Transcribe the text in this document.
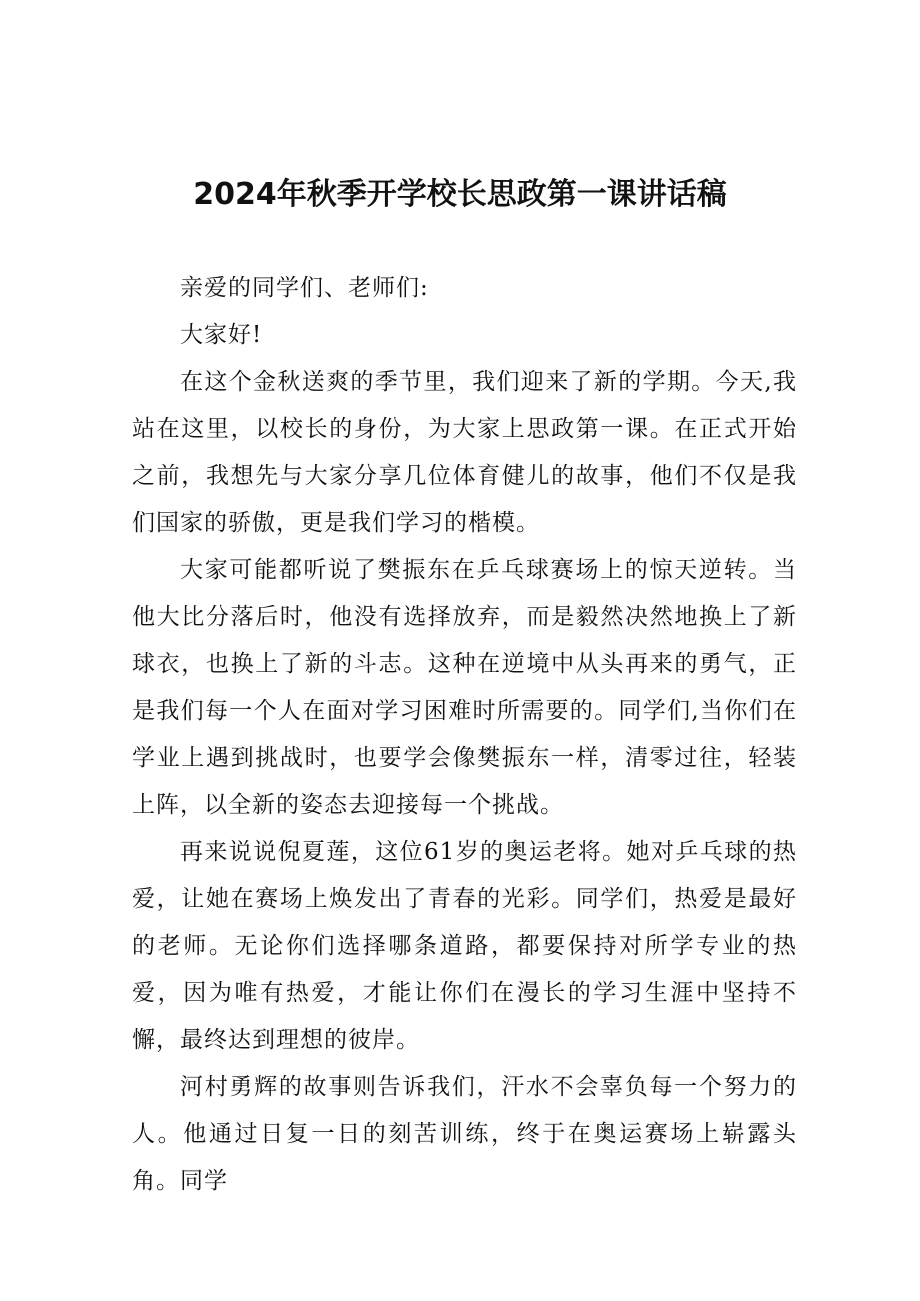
2024年秋季开学校长思政第一课讲话稿

亲爱的同学们、老师们:

大家好!

在这个金秋送爽的季节里，我们迎来了新的学期。今天,我站在这里，以校长的身份，为大家上思政第一课。在正式开始之前，我想先与大家分享几位体育健儿的故事，他们不仅是我们国家的骄傲，更是我们学习的楷模。

大家可能都听说了樊振东在乒乓球赛场上的惊天逆转。当他大比分落后时，他没有选择放弃，而是毅然决然地换上了新球衣，也换上了新的斗志。这种在逆境中从头再来的勇气，正是我们每一个人在面对学习困难时所需要的。同学们,当你们在学业上遇到挑战时，也要学会像樊振东一样，清零过往，轻装上阵，以全新的姿态去迎接每一个挑战。

再来说说倪夏莲，这位61岁的奥运老将。她对乒乓球的热爱，让她在赛场上焕发出了青春的光彩。同学们，热爱是最好的老师。无论你们选择哪条道路，都要保持对所学专业的热爱，因为唯有热爱，才能让你们在漫长的学习生涯中坚持不懈，最终达到理想的彼岸。

河村勇辉的故事则告诉我们，汗水不会辜负每一个努力的人。他通过日复一日的刻苦训练，终于在奥运赛场上崭露头角。同学
